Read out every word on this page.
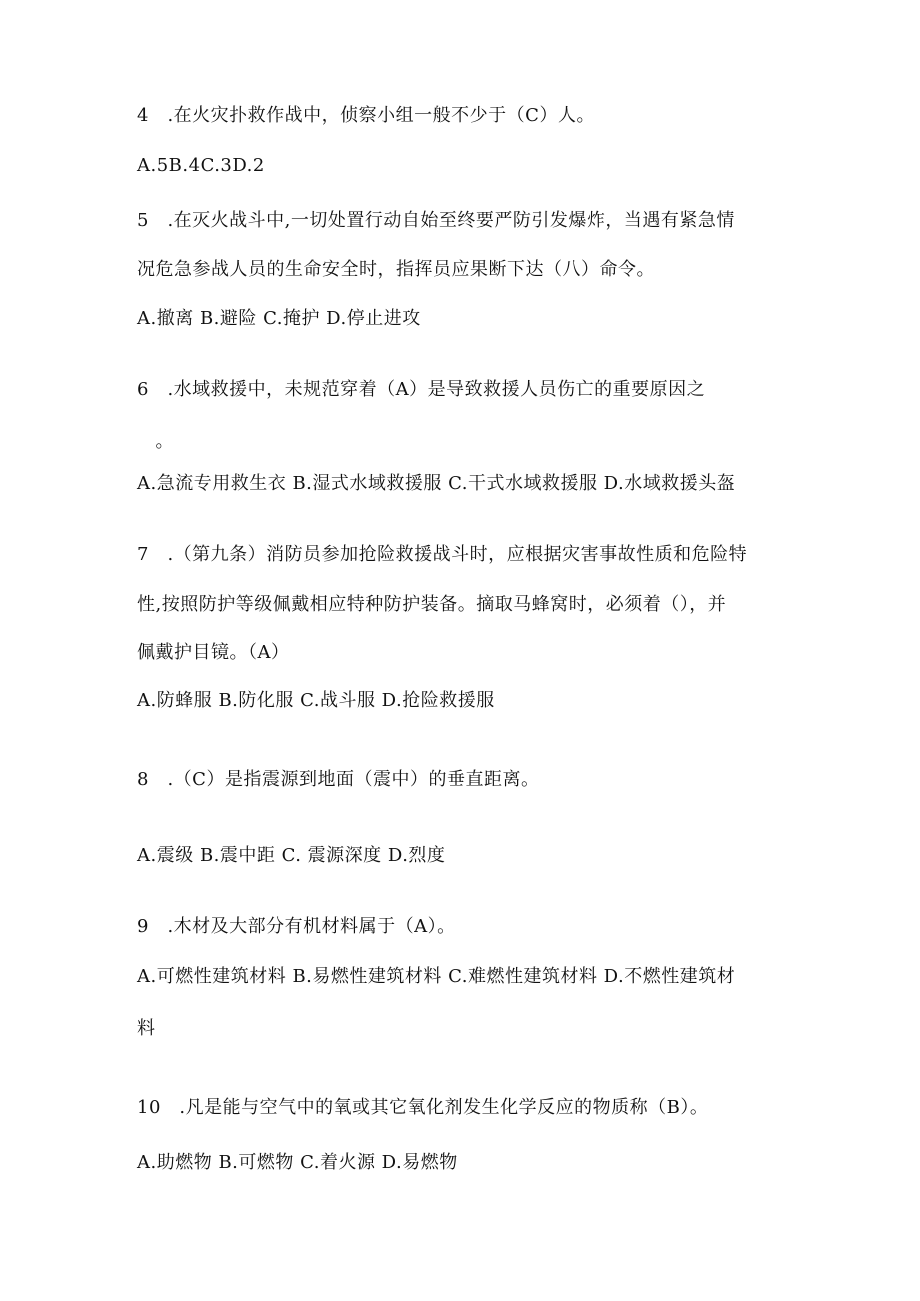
4　.在火灾扑救作战中，侦察小组一般不少于（C）人。
A.5B.4C.3D.2
5　.在灭火战斗中,一切处置行动自始至终要严防引发爆炸，当遇有紧急情
况危急参战人员的生命安全时，指挥员应果断下达（八）命令。
A.撤离 B.避险 C.掩护 D.停止进攻
6　.水域救援中，未规范穿着（A）是导致救援人员伤亡的重要原因之
　。
A.急流专用救生衣 B.湿式水域救援服 C.干式水域救援服 D.水域救援头盔
7　.（第九条）消防员参加抢险救援战斗时，应根据灾害事故性质和危险特
性,按照防护等级佩戴相应特种防护装备。摘取马蜂窝时，必须着（），并
佩戴护目镜。（A）
A.防蜂服 B.防化服 C.战斗服 D.抢险救援服
8　.（C）是指震源到地面（震中）的垂直距离。
A.震级 B.震中距 C. 震源深度 D.烈度
9　.木材及大部分有机材料属于（A）。
A.可燃性建筑材料 B.易燃性建筑材料 C.难燃性建筑材料 D.不燃性建筑材
料
10　.凡是能与空气中的氧或其它氧化剂发生化学反应的物质称（B）。
A.助燃物 B.可燃物 C.着火源 D.易燃物
